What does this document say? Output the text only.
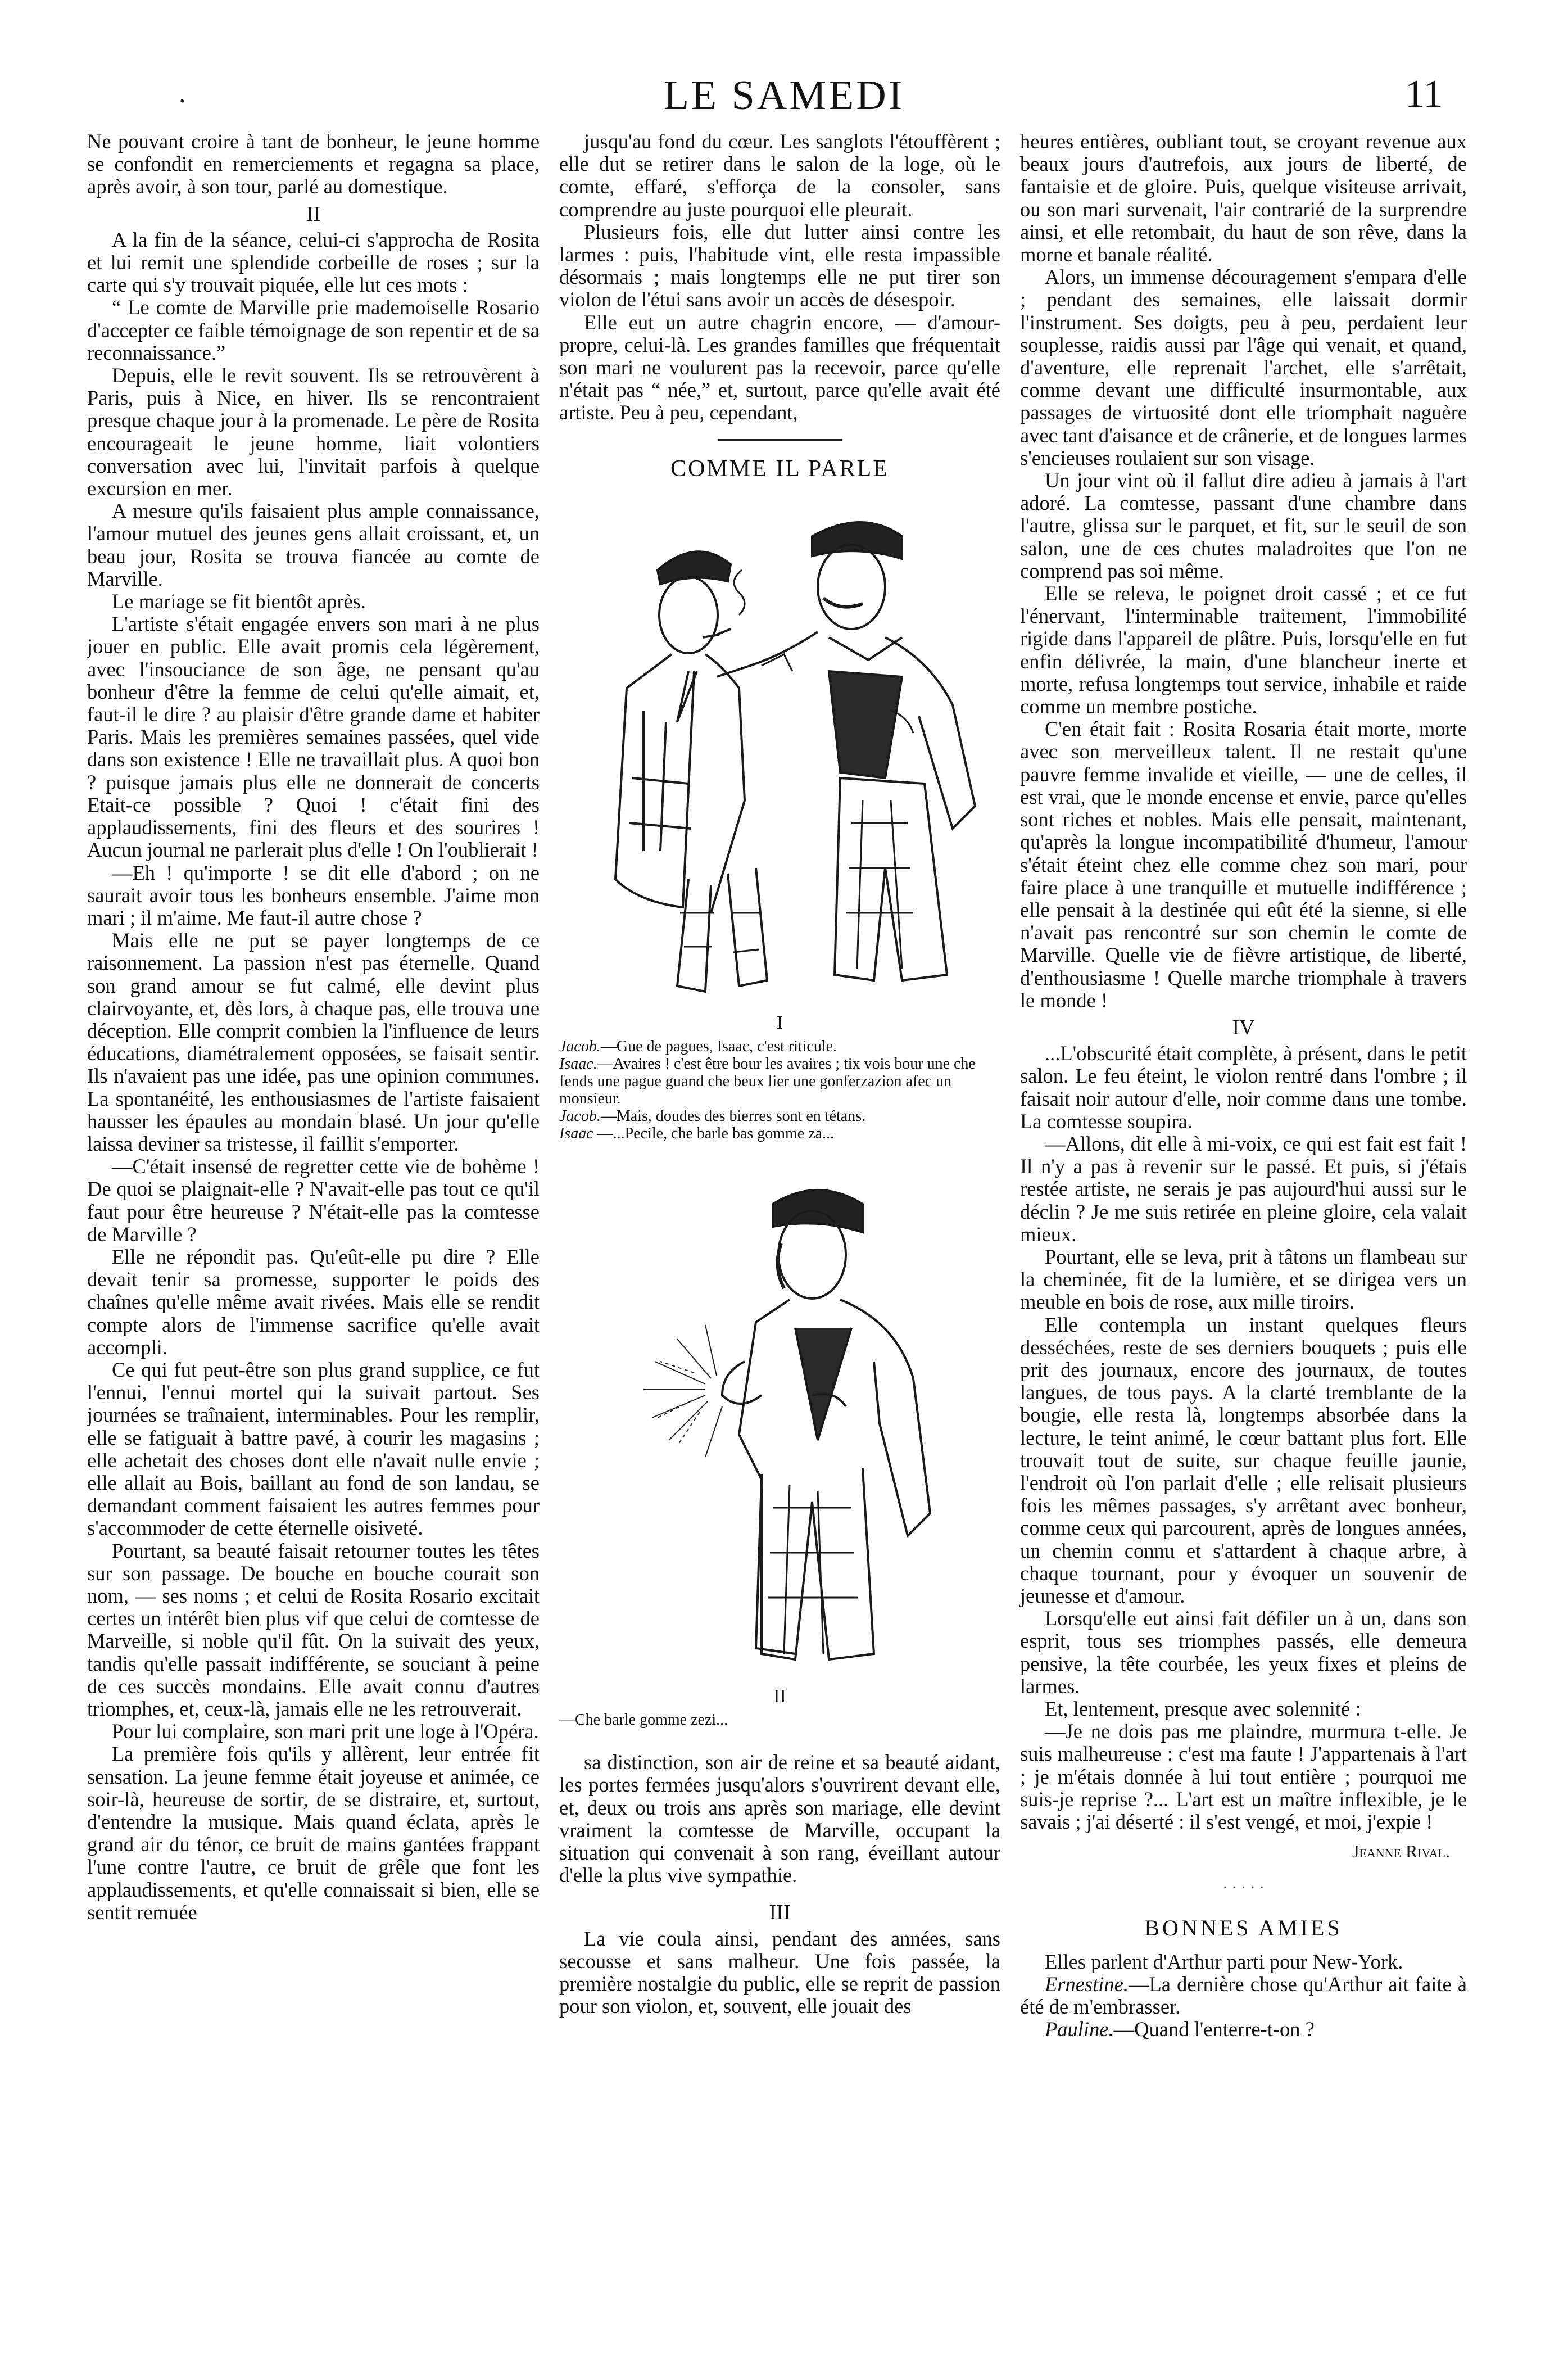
.	LE SAMEDI	11

Ne pouvant croire à tant de bonheur, le jeune homme se confondit en remerciements et regagna sa place, après avoir, à son tour, parlé au domestique.

II

A la fin de la séance, celui-ci s'approcha de Rosita et lui remit une splendide corbeille de roses ; sur la carte qui s'y trouvait piquée, elle lut ces mots :

“ Le comte de Marville prie mademoiselle Rosario d'accepter ce faible témoignage de son repentir et de sa reconnaissance.”

Depuis, elle le revit souvent. Ils se retrouvèrent à Paris, puis à Nice, en hiver. Ils se rencontraient presque chaque jour à la promenade. Le père de Rosita encourageait le jeune homme, liait volontiers conversation avec lui, l'invitait parfois à quelque excursion en mer.

A mesure qu'ils faisaient plus ample connaissance, l'amour mutuel des jeunes gens allait croissant, et, un beau jour, Rosita se trouva fiancée au comte de Marville.

Le mariage se fit bientôt après.

L'artiste s'était engagée envers son mari à ne plus jouer en public. Elle avait promis cela légèrement, avec l'insouciance de son âge, ne pensant qu'au bonheur d'être la femme de celui qu'elle aimait, et, faut-il le dire ? au plaisir d'être grande dame et habiter Paris. Mais les premières semaines passées, quel vide dans son existence ! Elle ne travaillait plus. A quoi bon ? puisque jamais plus elle ne donnerait de concerts Etait-ce possible ? Quoi ! c'était fini des applaudissements, fini des fleurs et des sourires ! Aucun journal ne parlerait plus d'elle ! On l'oublierait !

—Eh ! qu'importe ! se dit elle d'abord ; on ne saurait avoir tous les bonheurs ensemble. J'aime mon mari ; il m'aime. Me faut-il autre chose ?

Mais elle ne put se payer longtemps de ce raisonnement. La passion n'est pas éternelle. Quand son grand amour se fut calmé, elle devint plus clairvoyante, et, dès lors, à chaque pas, elle trouva une déception. Elle comprit combien la l'influence de leurs éducations, diamétralement opposées, se faisait sentir. Ils n'avaient pas une idée, pas une opinion communes. La spontanéité, les enthousiasmes de l'artiste faisaient hausser les épaules au mondain blasé. Un jour qu'elle laissa deviner sa tristesse, il faillit s'emporter.

—C'était insensé de regretter cette vie de bohème ! De quoi se plaignait-elle ? N'avait-elle pas tout ce qu'il faut pour être heureuse ? N'était-elle pas la comtesse de Marville ?

Elle ne répondit pas. Qu'eût-elle pu dire ? Elle devait tenir sa promesse, supporter le poids des chaînes qu'elle même avait rivées. Mais elle se rendit compte alors de l'immense sacrifice qu'elle avait accompli.

Ce qui fut peut-être son plus grand supplice, ce fut l'ennui, l'ennui mortel qui la suivait partout. Ses journées se traînaient, interminables. Pour les remplir, elle se fatiguait à battre pavé, à courir les magasins ; elle achetait des choses dont elle n'avait nulle envie ; elle allait au Bois, baillant au fond de son landau, se demandant comment faisaient les autres femmes pour s'accommoder de cette éternelle oisiveté.

Pourtant, sa beauté faisait retourner toutes les têtes sur son passage. De bouche en bouche courait son nom, — ses noms ; et celui de Rosita Rosario excitait certes un intérêt bien plus vif que celui de comtesse de Marveille, si noble qu'il fût. On la suivait des yeux, tandis qu'elle passait indifférente, se souciant à peine de ces succès mondains. Elle avait connu d'autres triomphes, et, ceux-là, jamais elle ne les retrouverait.

Pour lui complaire, son mari prit une loge à l'Opéra.

La première fois qu'ils y allèrent, leur entrée fit sensation. La jeune femme était joyeuse et animée, ce soir-là, heureuse de sortir, de se distraire, et, surtout, d'entendre la musique. Mais quand éclata, après le grand air du ténor, ce bruit de mains gantées frappant l'une contre l'autre, ce bruit de grêle que font les applaudissements, et qu'elle connaissait si bien, elle se sentit remuée

jusqu'au fond du cœur. Les sanglots l'étouffèrent ; elle dut se retirer dans le salon de la loge, où le comte, effaré, s'efforça de la consoler, sans comprendre au juste pourquoi elle pleurait.

Plusieurs fois, elle dut lutter ainsi contre les larmes : puis, l'habitude vint, elle resta impassible désormais ; mais longtemps elle ne put tirer son violon de l'étui sans avoir un accès de désespoir.

Elle eut un autre chagrin encore, — d'amour-propre, celui-là. Les grandes familles que fréquentait son mari ne voulurent pas la recevoir, parce qu'elle n'était pas “ née,” et, surtout, parce qu'elle avait été artiste. Peu à peu, cependant,

COMME IL PARLE
I
Jacob.—Gue de pagues, Isaac, c'est riticule.
Isaac.—Avaires ! c'est être bour les avaires ; tix vois bour une che fends une pague guand che beux lier une gonferzazion afec un monsieur.
Jacob.—Mais, doudes des bierres sont en tétans.
Isaac —...Pecile, che barle bas gomme za...
II
—Che barle gomme zezi...

sa distinction, son air de reine et sa beauté aidant, les portes fermées jusqu'alors s'ouvrirent devant elle, et, deux ou trois ans après son mariage, elle devint vraiment la comtesse de Marville, occupant la situation qui convenait à son rang, éveillant autour d'elle la plus vive sympathie.

III

La vie coula ainsi, pendant des années, sans secousse et sans malheur. Une fois passée, la première nostalgie du public, elle se reprit de passion pour son violon, et, souvent, elle jouait des

heures entières, oubliant tout, se croyant revenue aux beaux jours d'autrefois, aux jours de liberté, de fantaisie et de gloire. Puis, quelque visiteuse arrivait, ou son mari survenait, l'air contrarié de la surprendre ainsi, et elle retombait, du haut de son rêve, dans la morne et banale réalité.

Alors, un immense découragement s'empara d'elle ; pendant des semaines, elle laissait dormir l'instrument. Ses doigts, peu à peu, perdaient leur souplesse, raidis aussi par l'âge qui venait, et quand, d'aventure, elle reprenait l'archet, elle s'arrêtait, comme devant une difficulté insurmontable, aux passages de virtuosité dont elle triomphait naguère avec tant d'aisance et de crânerie, et de longues larmes s'encieuses roulaient sur son visage.

Un jour vint où il fallut dire adieu à jamais à l'art adoré. La comtesse, passant d'une chambre dans l'autre, glissa sur le parquet, et fit, sur le seuil de son salon, une de ces chutes maladroites que l'on ne comprend pas soi même.

Elle se releva, le poignet droit cassé ; et ce fut l'énervant, l'interminable traitement, l'immobilité rigide dans l'appareil de plâtre. Puis, lorsqu'elle en fut enfin délivrée, la main, d'une blancheur inerte et morte, refusa longtemps tout service, inhabile et raide comme un membre postiche.

C'en était fait : Rosita Rosaria était morte, morte avec son merveilleux talent. Il ne restait qu'une pauvre femme invalide et vieille, — une de celles, il est vrai, que le monde encense et envie, parce qu'elles sont riches et nobles. Mais elle pensait, maintenant, qu'après la longue incompatibilité d'humeur, l'amour s'était éteint chez elle comme chez son mari, pour faire place à une tranquille et mutuelle indifférence ; elle pensait à la destinée qui eût été la sienne, si elle n'avait pas rencontré sur son chemin le comte de Marville. Quelle vie de fièvre artistique, de liberté, d'enthousiasme ! Quelle marche triomphale à travers le monde !

IV

...L'obscurité était complète, à présent, dans le petit salon. Le feu éteint, le violon rentré dans l'ombre ; il faisait noir autour d'elle, noir comme dans une tombe. La comtesse soupira.

—Allons, dit elle à mi-voix, ce qui est fait est fait ! Il n'y a pas à revenir sur le passé. Et puis, si j'étais restée artiste, ne serais je pas aujourd'hui aussi sur le déclin ? Je me suis retirée en pleine gloire, cela valait mieux.

Pourtant, elle se leva, prit à tâtons un flambeau sur la cheminée, fit de la lumière, et se dirigea vers un meuble en bois de rose, aux mille tiroirs.

Elle contempla un instant quelques fleurs desséchées, reste de ses derniers bouquets ; puis elle prit des journaux, encore des journaux, de toutes langues, de tous pays. A la clarté tremblante de la bougie, elle resta là, longtemps absorbée dans la lecture, le teint animé, le cœur battant plus fort. Elle trouvait tout de suite, sur chaque feuille jaunie, l'endroit où l'on parlait d'elle ; elle relisait plusieurs fois les mêmes passages, s'y arrêtant avec bonheur, comme ceux qui parcourent, après de longues années, un chemin connu et s'attardent à chaque arbre, à chaque tournant, pour y évoquer un souvenir de jeunesse et d'amour.

Lorsqu'elle eut ainsi fait défiler un à un, dans son esprit, tous ses triomphes passés, elle demeura pensive, la tête courbée, les yeux fixes et pleins de larmes.

Et, lentement, presque avec solennité :

—Je ne dois pas me plaindre, murmura t-elle. Je suis malheureuse : c'est ma faute ! J'appartenais à l'art ; je m'étais donnée à lui tout entière ; pourquoi me suis-je reprise ?... L'art est un maître inflexible, je le savais ; j'ai déserté : il s'est vengé, et moi, j'expie !

Jeanne Rival.
· · · · ·
BONNES AMIES

Elles parlent d'Arthur parti pour New-York.

Ernestine.—La dernière chose qu'Arthur ait faite à été de m'embrasser.

Pauline.—Quand l'enterre-t-on ?
